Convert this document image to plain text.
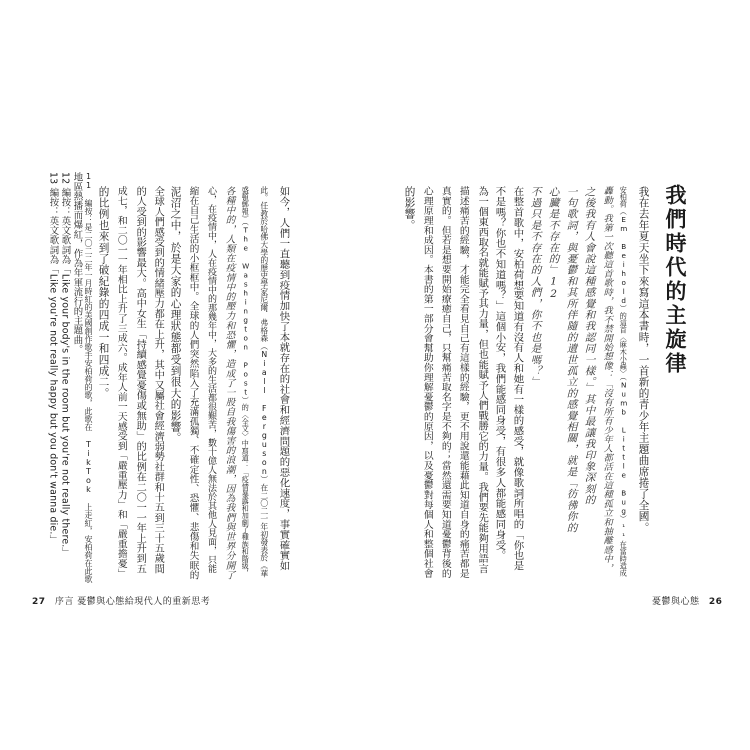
我們時代的主旋律
我在去年夏天坐下來寫這本書時，一首新的青少年主題曲席捲了全國。
安柏荷（Em Beihold）的這首〈麻木小蟲〉（Numb Little Bug）¹¹在當時造成
轟動。我第一次聽這首歌時，我不禁開始想像：「沒有所有少年人都活在這種孤立和抽離感中，
之後我有人會說這種感覺和我認同一樣。」其中最讓我印象深刻的
一句歌詞，與憂鬱和其所伴隨的遺世孤立的感覺相關，就是「彷彿你的
心臟是不存在的」12
不過只是不存在的人們，你不也是嗎？」
在整首歌中，安柏荷想要知道有沒有人和她有一樣的感受，就像歌詞所唱的「你也是
不是嗎？你也不知道嗎？」這個小安，我們能感同身受，有很多人都能感同身受。
為一個東西取名就能賦予其力量，但也能賦予人們戰勝它的力量。我們要先能夠用語言
描述痛苦的經驗，才能完全看見自己有這樣的經驗，更不用說還能藉此知道自身的痛苦都是
真實的。但若是想要開始療癒自己，只幫痛苦取名字是不夠的；當然還需要知道憂鬱背後的
心理原理和成因。本書的第一部分會幫助你理解憂鬱的原因，以及憂鬱對每個人和整個社會
的影響。
如今，人們一直聽到疫情加快了本就存在的社會和經濟問題的惡化速度，事實確實如
此。任教於哈佛大學的歷史學家尼爾．弗格森（Niall Ferguson）在二〇二一年初發表於《華
盛頓郵報》（The Washington Post）的〈全文〉中寫道：「疫情暴露和加劇了種族和階級，
各種中的，人類在疫情中的壓力和恐懼，造成了一股自我傷害的浪潮，因為我們與世界分開了
心，在疫情中，人在疫情中的那幾年中，大多的生活都很艱苦，數十億人無法於其他人見面，只能
縮在自己生活的小框框中。全球的人們突然陷入了充滿孤獨、不確定性、恐懼、悲傷和失眠的
泥沼之中，於是大家的心理狀態都受到很大的影響。
全球人們感受到的情緒壓力都在上升，其中又屬社會經濟弱勢社群和十五到三十五歲間
的人受到的影響最大。高中女生「持續感覺憂傷或無助」的比例在二〇一一年上升到五
成七，和二〇一一年相比上升了三成六。成年人前一天感受到「嚴重壓力」和「嚴重擔憂」
的比例也來到了破紀錄的四成一和四成二。
11 編按：是二〇二二年一月時紅的美國創作歌手安柏荷的歌，此歌在 TikTok 上走紅，安柏荷在此歌
地區熱播而爆紅，作為年軍流行的主題曲。
12 編按：英文歌詞為「Like your body's in the room but you're not really there.」
13 編按：英文歌詞為「Like you're not really happy but you don't wanna die.」
27 序言 憂鬱與心態給現代人的重新思考	憂鬱與心態 26
